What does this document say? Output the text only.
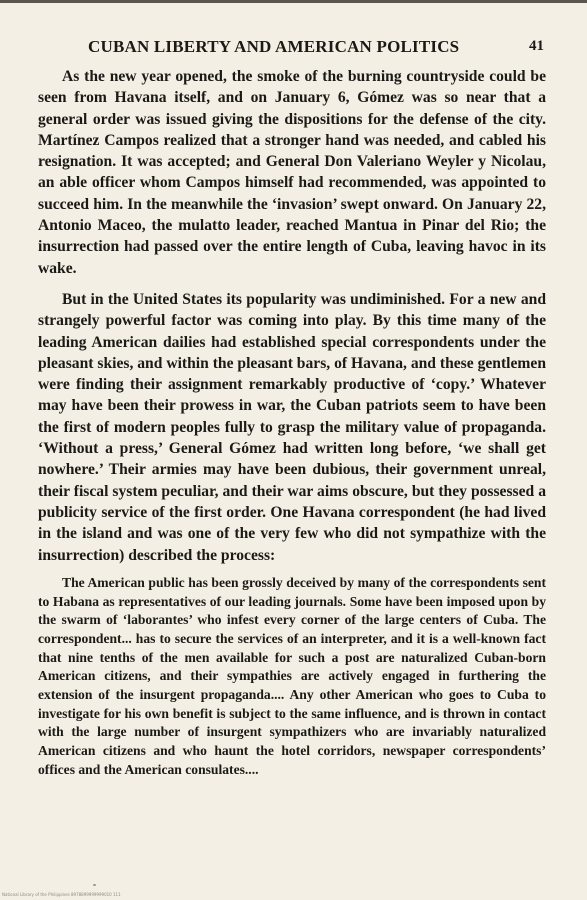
CUBAN LIBERTY AND AMERICAN POLITICS	41

As the new year opened, the smoke of the burning countryside could be seen from Havana itself, and on January 6, Gómez was so near that a general order was issued giving the dispositions for the defense of the city. Martínez Campos realized that a stronger hand was needed, and cabled his resignation. It was accepted; and General Don Valeriano Weyler y Nicolau, an able officer whom Campos himself had recommended, was appointed to succeed him. In the meanwhile the ‘invasion’ swept onward. On January 22, Antonio Maceo, the mulatto leader, reached Mantua in Pinar del Rio; the insurrection had passed over the entire length of Cuba, leaving havoc in its wake.

But in the United States its popularity was undiminished. For a new and strangely powerful factor was coming into play. By this time many of the leading American dailies had established special correspondents under the pleasant skies, and within the pleasant bars, of Havana, and these gentlemen were finding their assignment remarkably productive of ‘copy.’ Whatever may have been their prowess in war, the Cuban patriots seem to have been the first of modern peoples fully to grasp the military value of propaganda. ‘Without a press,’ General Gómez had written long before, ‘we shall get nowhere.’ Their armies may have been dubious, their government unreal, their fiscal system peculiar, and their war aims obscure, but they possessed a publicity service of the first order. One Havana correspondent (he had lived in the island and was one of the very few who did not sympathize with the insurrection) described the process:

The American public has been grossly deceived by many of the correspondents sent to Habana as representatives of our leading journals. Some have been imposed upon by the swarm of ‘laborantes’ who infest every corner of the large centers of Cuba. The correspondent... has to secure the services of an interpreter, and it is a well-known fact that nine tenths of the men available for such a post are naturalized Cuban-born American citizens, and their sympathies are actively engaged in furthering the extension of the insurgent propaganda.... Any other American who goes to Cuba to investigate for his own benefit is subject to the same influence, and is thrown in contact with the large number of insurgent sympathizers who are invariably naturalized American citizens and who haunt the hotel corridors, newspaper correspondents’ offices and the American consulates....

National Library of the Philippines 8978899999999010 111
